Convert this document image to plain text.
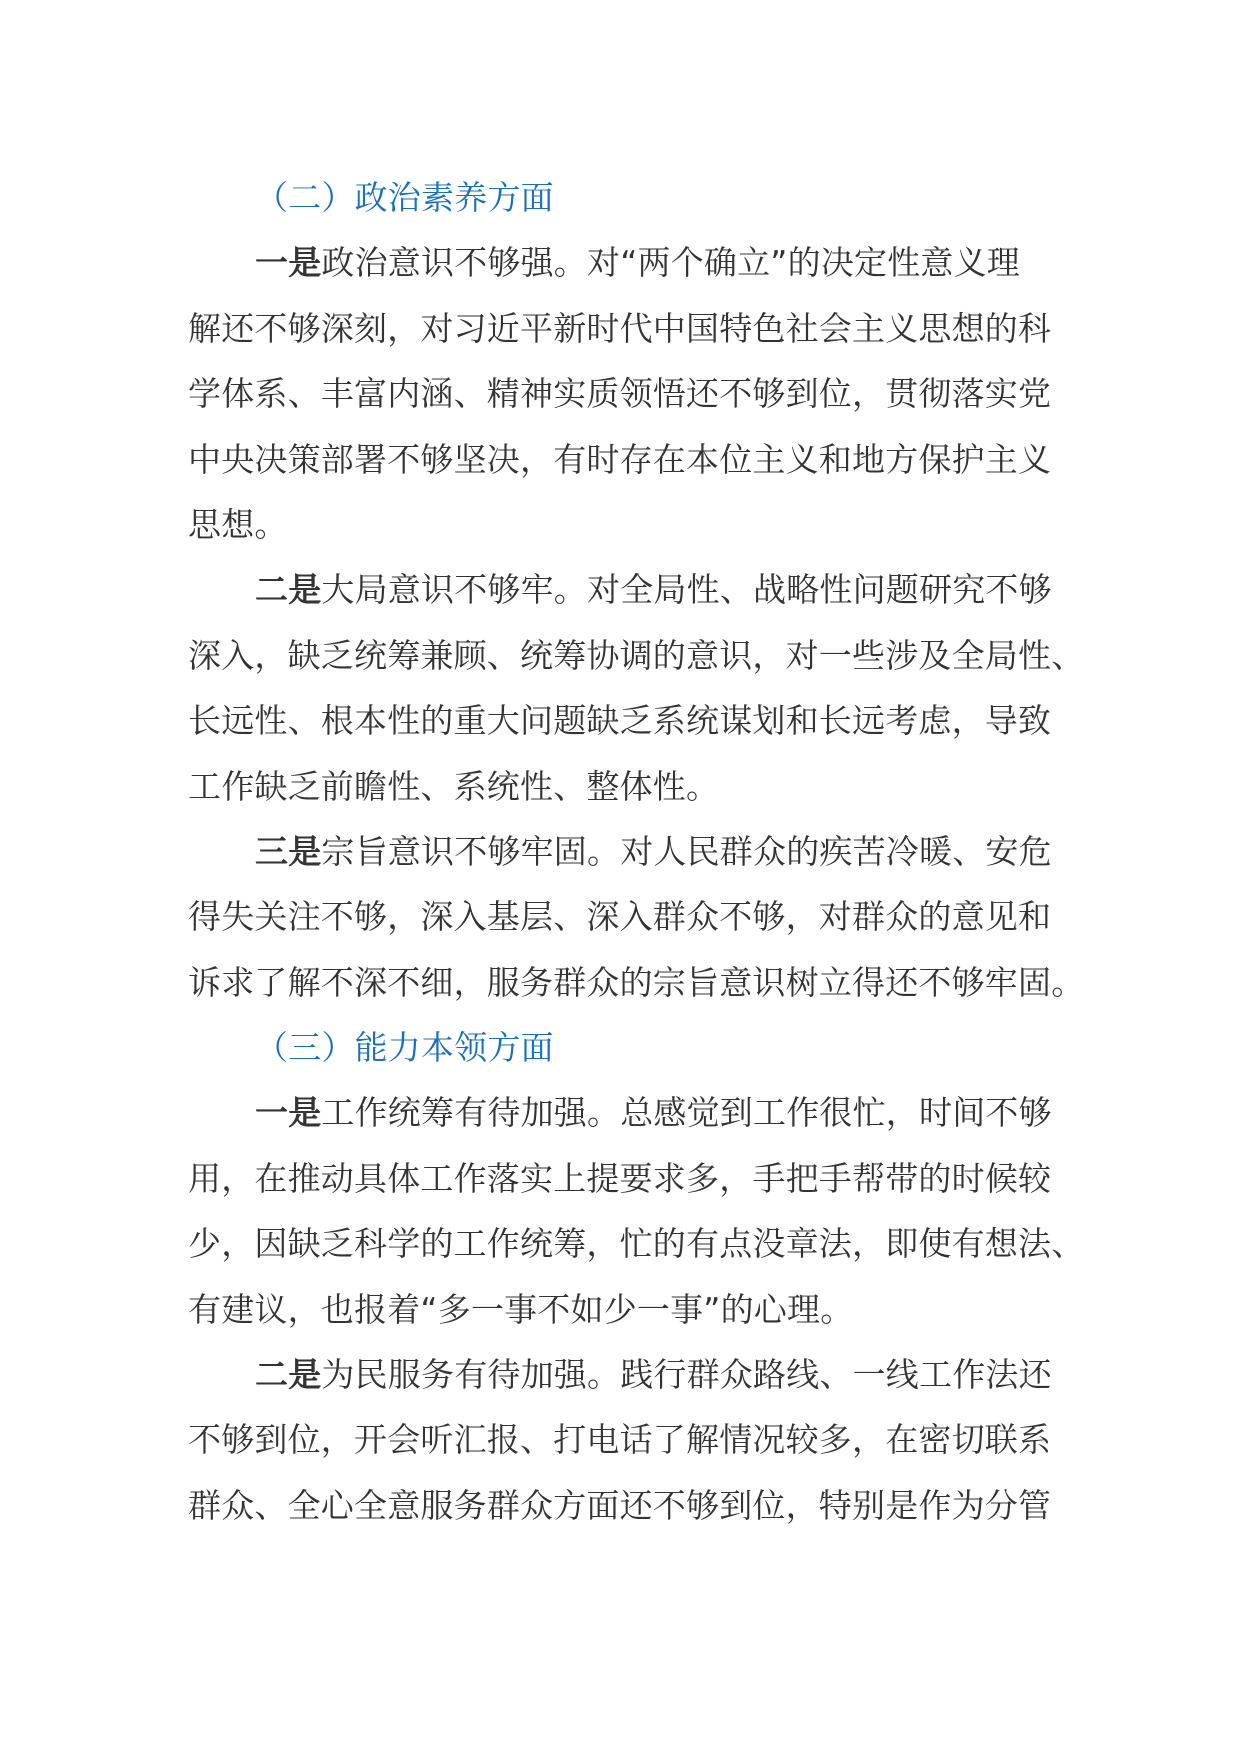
（二）政治素养方面
一是政治意识不够强。对“两个确立”的决定性意义理
解还不够深刻，对习近平新时代中国特色社会主义思想的科
学体系、丰富内涵、精神实质领悟还不够到位，贯彻落实党
中央决策部署不够坚决，有时存在本位主义和地方保护主义
思想。
二是大局意识不够牢。对全局性、战略性问题研究不够
深入，缺乏统筹兼顾、统筹协调的意识，对一些涉及全局性、
长远性、根本性的重大问题缺乏系统谋划和长远考虑，导致
工作缺乏前瞻性、系统性、整体性。
三是宗旨意识不够牢固。对人民群众的疾苦冷暖、安危
得失关注不够，深入基层、深入群众不够，对群众的意见和
诉求了解不深不细，服务群众的宗旨意识树立得还不够牢固。
（三）能力本领方面
一是工作统筹有待加强。总感觉到工作很忙，时间不够
用，在推动具体工作落实上提要求多，手把手帮带的时候较
少，因缺乏科学的工作统筹，忙的有点没章法，即使有想法、
有建议，也报着“多一事不如少一事”的心理。
二是为民服务有待加强。践行群众路线、一线工作法还
不够到位，开会听汇报、打电话了解情况较多，在密切联系
群众、全心全意服务群众方面还不够到位，特别是作为分管
